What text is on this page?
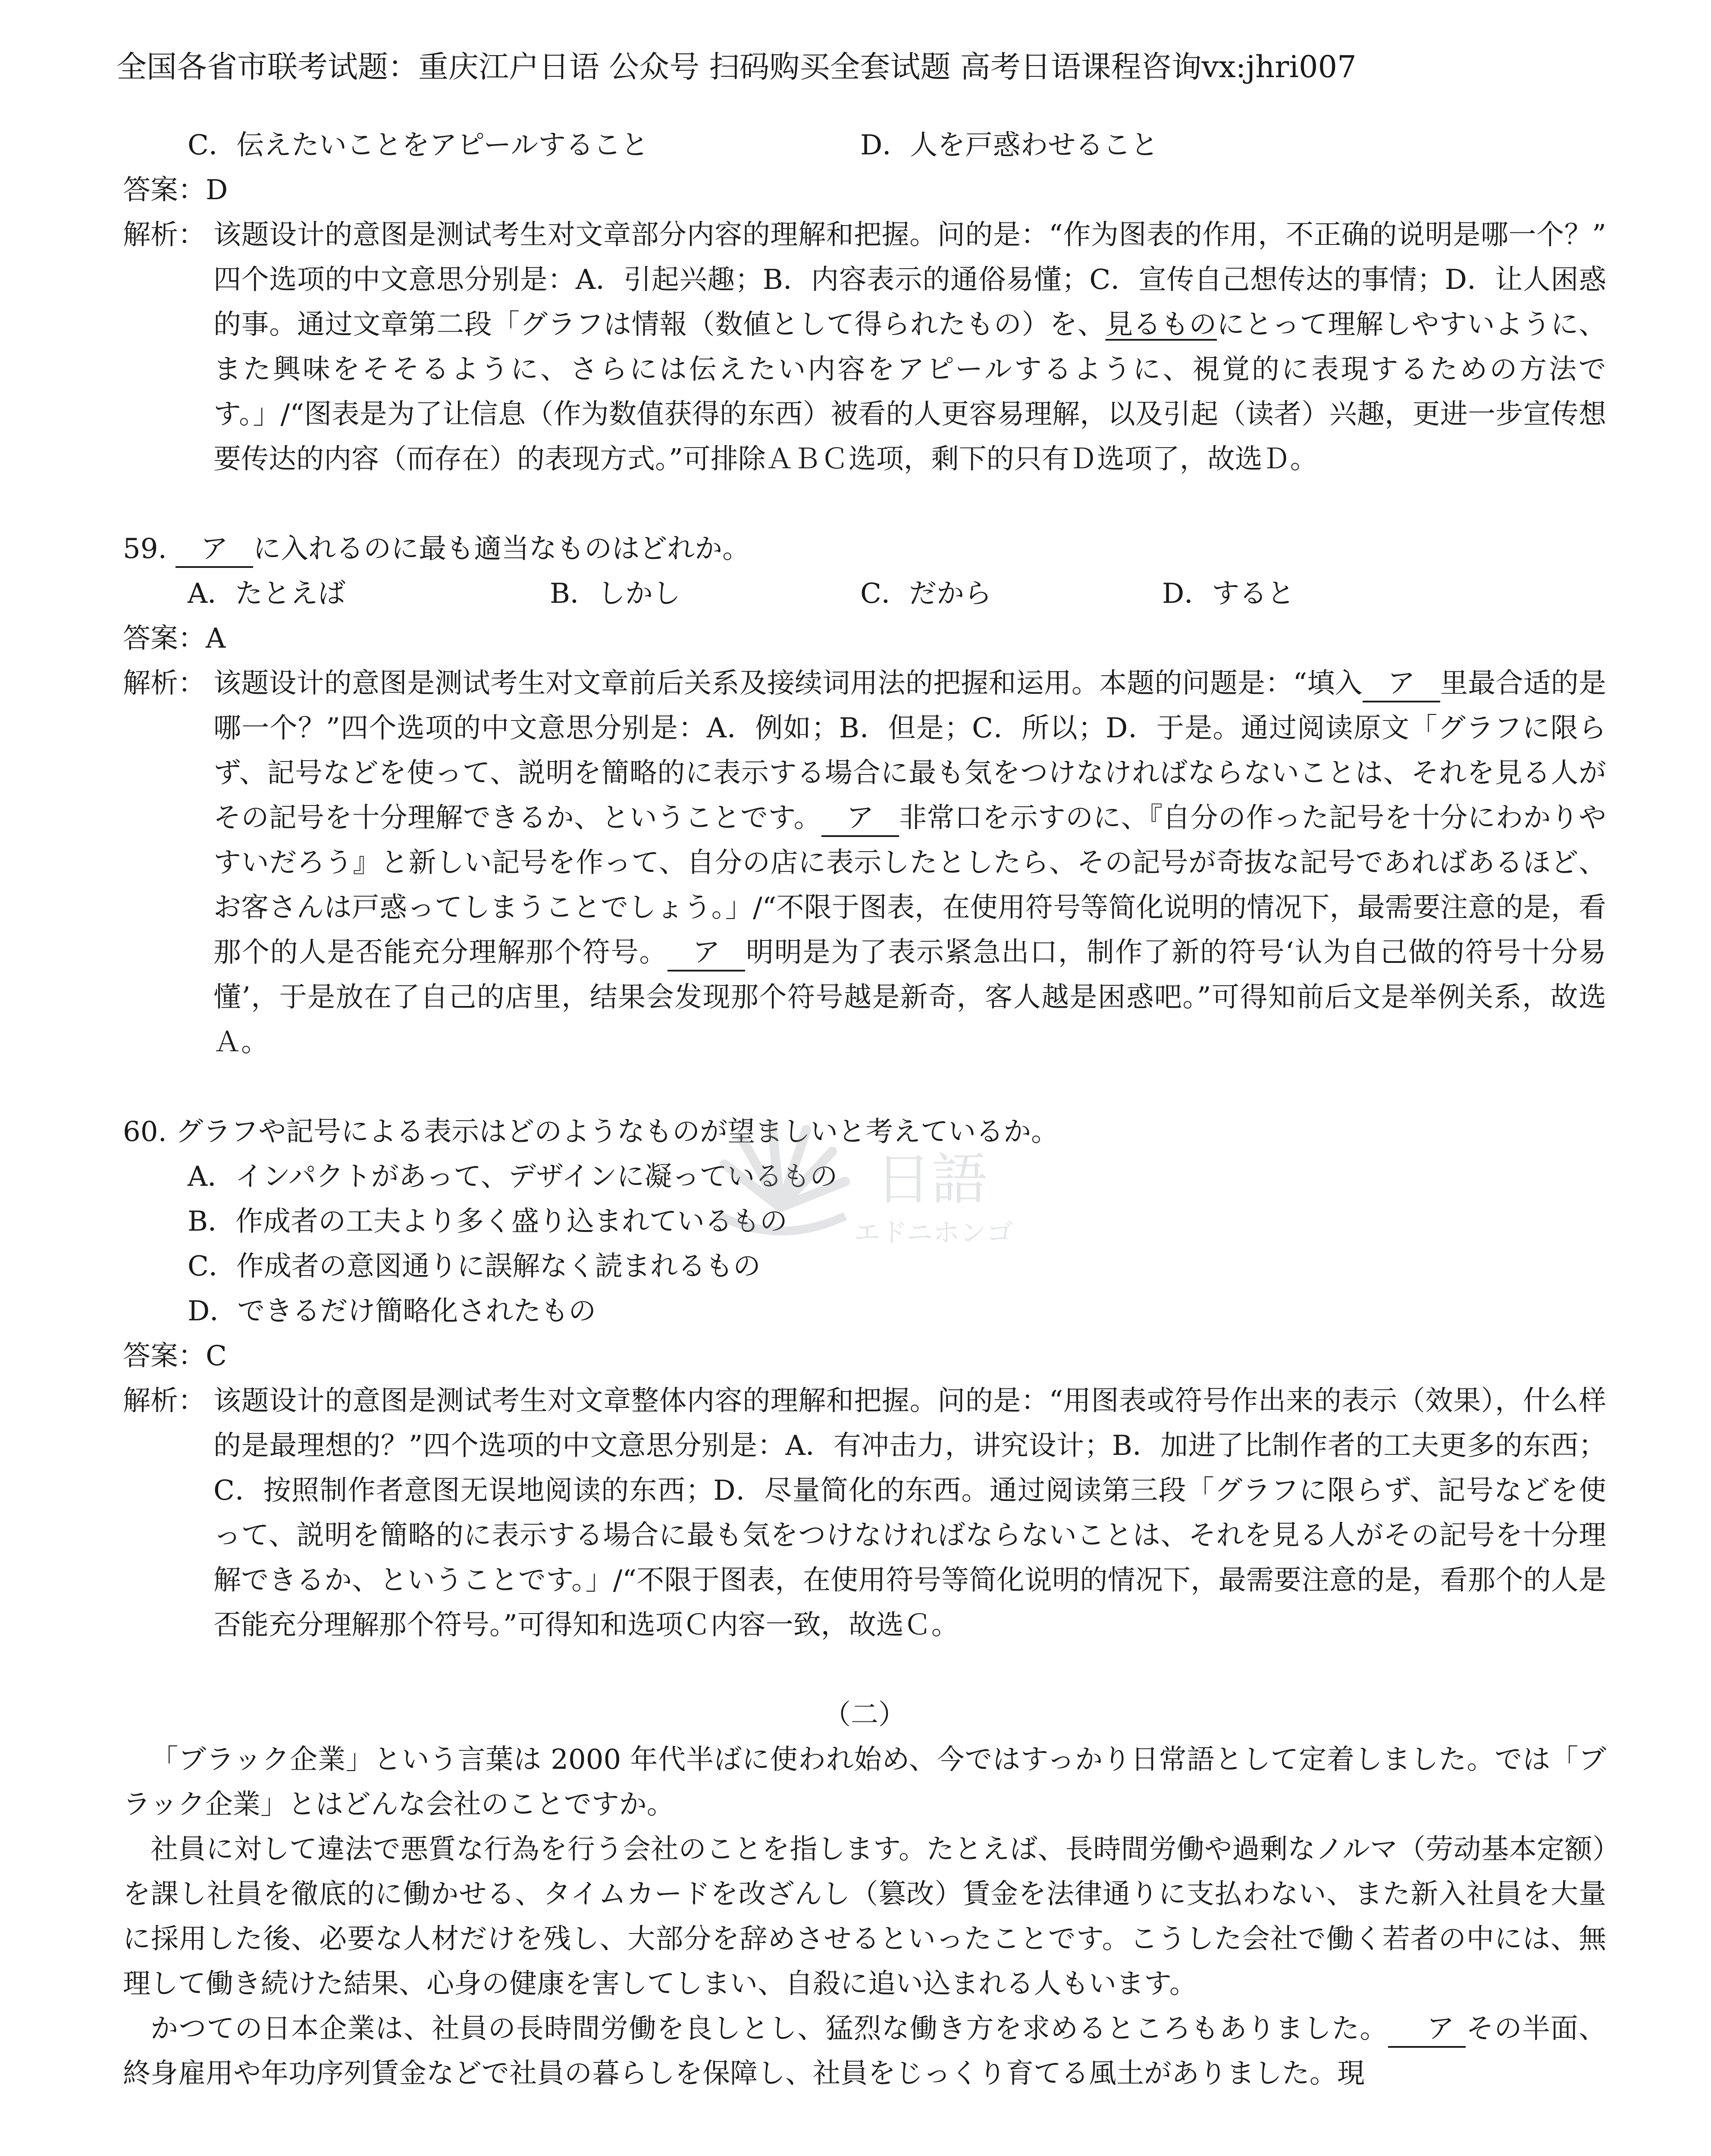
全国各省市联考试题：重庆江户日语 公众号 扫码购买全套试题 高考日语课程咨询vx:jhri007
C．伝えたいことをアピールすること	D．人を戸惑わせること
答案：D
解析： 该题设计的意图是测试考生对文章部分内容的理解和把握。问的是：“作为图表的作用，不正确的说明是哪一个？” 四个选项的中文意思分别是：A．引起兴趣；B．内容表示的通俗易懂；C．宣传自己想传达的事情；D．让人困惑的事。通过文章第二段「グラフは情報（数値として得られたもの）を、見るものにとって理解しやすいように、また興味をそそるように、さらには伝えたい内容をアピールするように、視覚的に表現するための方法です。」/“图表是为了让信息（作为数值获得的东西）被看的人更容易理解，以及引起（读者）兴趣，更进一步宣传想要传达的内容（而存在）的表现方式。”可排除ＡＢＣ选项，剩下的只有Ｄ选项了，故选Ｄ。
59. ア に入れるのに最も適当なものはどれか。
A．たとえば	B．しかし	C．だから	D．すると
答案：A
解析： 该题设计的意图是测试考生对文章前后关系及接续词用法的把握和运用。本题的问题是：“填入 ア 里最合适的是哪一个？”四个选项的中文意思分别是：A．例如；B．但是；C．所以；D．于是。通过阅读原文「グラフに限らず、記号などを使って、説明を簡略的に表示する場合に最も気をつけなければならないことは、それを見る人がその記号を十分理解できるか、ということです。 ア 非常口を示すのに、『自分の作った記号を十分にわかりやすいだろう』と新しい記号を作って、自分の店に表示したとしたら、その記号が奇抜な記号であればあるほど、お客さんは戸惑ってしまうことでしょう。」/“不限于图表，在使用符号等简化说明的情况下，最需要注意的是，看那个的人是否能充分理解那个符号。 ア 明明是为了表示紧急出口，制作了新的符号‘认为自己做的符号十分易懂’，于是放在了自己的店里，结果会发现那个符号越是新奇，客人越是困惑吧。”可得知前后文是举例关系，故选Ａ。
60. グラフや記号による表示はどのようなものが望ましいと考えているか。
A．インパクトがあって、デザインに凝っているもの
B．作成者の工夫より多く盛り込まれているもの
C．作成者の意図通りに誤解なく読まれるもの
D．できるだけ簡略化されたもの
答案：C
解析： 该题设计的意图是测试考生对文章整体内容的理解和把握。问的是：“用图表或符号作出来的表示（效果），什么样的是最理想的？”四个选项的中文意思分别是：A．有冲击力，讲究设计；B．加进了比制作者的工夫更多的东西；C．按照制作者意图无误地阅读的东西；D．尽量简化的东西。通过阅读第三段「グラフに限らず、記号などを使って、説明を簡略的に表示する場合に最も気をつけなければならないことは、それを見る人がその記号を十分理解できるか、ということです。」/“不限于图表，在使用符号等简化说明的情况下，最需要注意的是，看那个的人是否能充分理解那个符号。”可得知和选项Ｃ内容一致，故选Ｃ。
（二）
「ブラック企業」という言葉は 2000 年代半ばに使われ始め、今ではすっかり日常語として定着しました。では「ブラック企業」とはどんな会社のことですか。
社員に対して違法で悪質な行為を行う会社のことを指します。たとえば、長時間労働や過剰なノルマ（劳动基本定额）を課し社員を徹底的に働かせる、タイムカードを改ざんし（篡改）賃金を法律通りに支払わない、また新入社員を大量に採用した後、必要な人材だけを残し、大部分を辞めさせるといったことです。こうした会社で働く若者の中には、無理して働き続けた結果、心身の健康を害してしまい、自殺に追い込まれる人もいます。
かつての日本企業は、社員の長時間労働を良しとし、猛烈な働き方を求めるところもありました。 ア その半面、終身雇用や年功序列賃金などで社員の暮らしを保障し、社員をじっくり育てる風土がありました。現
日語
エドニホンゴ
